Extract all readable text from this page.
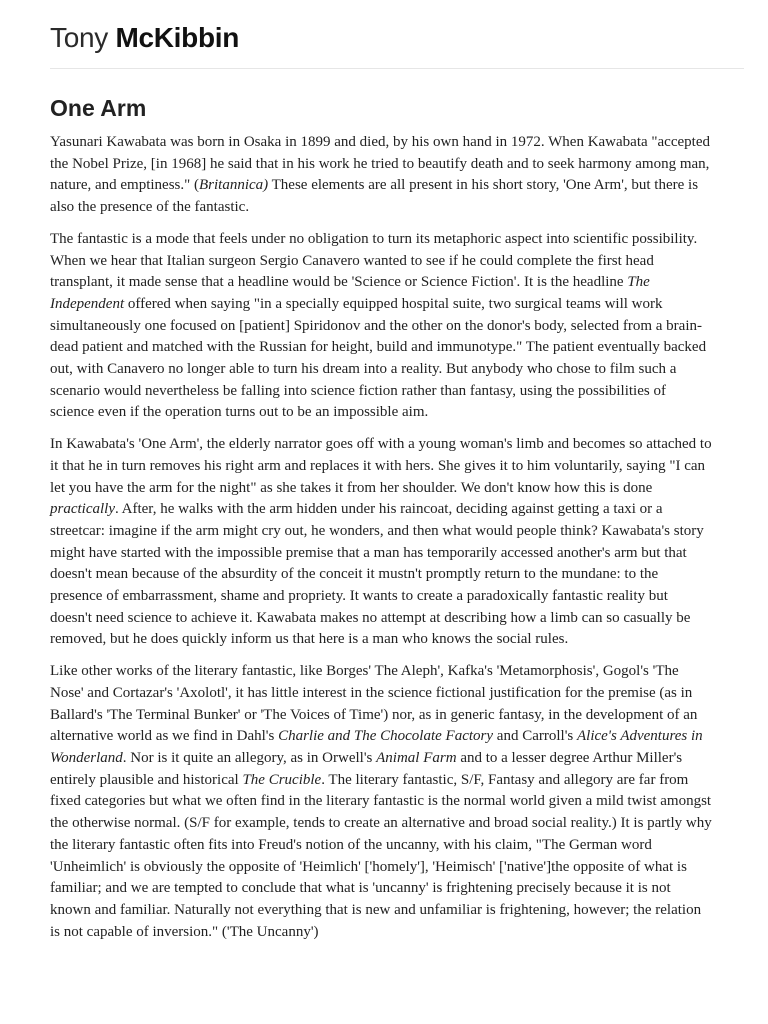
Tony McKibbin
One Arm

Yasunari Kawabata was born in Osaka in 1899 and died, by his own hand in 1972. When Kawabata "accepted the Nobel Prize, [in 1968] he said that in his work he tried to beautify death and to seek harmony among man, nature, and emptiness." (Britannica) These elements are all present in his short story, 'One Arm', but there is also the presence of the fantastic.

The fantastic is a mode that feels under no obligation to turn its metaphoric aspect into scientific possibility. When we hear that Italian surgeon Sergio Canavero wanted to see if he could complete the first head transplant, it made sense that a headline would be 'Science or Science Fiction'. It is the headline The Independent offered when saying "in a specially equipped hospital suite, two surgical teams will work simultaneously one focused on [patient] Spiridonov and the other on the donor's body, selected from a brain-dead patient and matched with the Russian for height, build and immunotype." The patient eventually backed out, with Canavero no longer able to turn his dream into a reality. But anybody who chose to film such a scenario would nevertheless be falling into science fiction rather than fantasy, using the possibilities of science even if the operation turns out to be an impossible aim.

In Kawabata's 'One Arm', the elderly narrator goes off with a young woman's limb and becomes so attached to it that he in turn removes his right arm and replaces it with hers. She gives it to him voluntarily, saying "I can let you have the arm for the night" as she takes it from her shoulder. We don't know how this is done practically. After, he walks with the arm hidden under his raincoat, deciding against getting a taxi or a streetcar: imagine if the arm might cry out, he wonders, and then what would people think? Kawabata's story might have started with the impossible premise that a man has temporarily accessed another's arm but that doesn't mean because of the absurdity of the conceit it mustn't promptly return to the mundane: to the presence of embarrassment, shame and propriety. It wants to create a paradoxically fantastic reality but doesn't need science to achieve it. Kawabata makes no attempt at describing how a limb can so casually be removed, but he does quickly inform us that here is a man who knows the social rules.

Like other works of the literary fantastic, like Borges' The Aleph', Kafka's 'Metamorphosis', Gogol's 'The Nose' and Cortazar's 'Axolotl', it has little interest in the science fictional justification for the premise (as in Ballard's 'The Terminal Bunker' or 'The Voices of Time') nor, as in generic fantasy, in the development of an alternative world as we find in Dahl's Charlie and The Chocolate Factory and Carroll's Alice's Adventures in Wonderland. Nor is it quite an allegory, as in Orwell's Animal Farm and to a lesser degree Arthur Miller's entirely plausible and historical The Crucible. The literary fantastic, S/F, Fantasy and allegory are far from fixed categories but what we often find in the literary fantastic is the normal world given a mild twist amongst the otherwise normal. (S/F for example, tends to create an alternative and broad social reality.) It is partly why the literary fantastic often fits into Freud's notion of the uncanny, with his claim, "The German word 'Unheimlich' is obviously the opposite of 'Heimlich' ['homely'], 'Heimisch' ['native']the opposite of what is familiar; and we are tempted to conclude that what is 'uncanny' is frightening precisely because it is not known and familiar. Naturally not everything that is new and unfamiliar is frightening, however; the relation is not capable of inversion." ('The Uncanny')
